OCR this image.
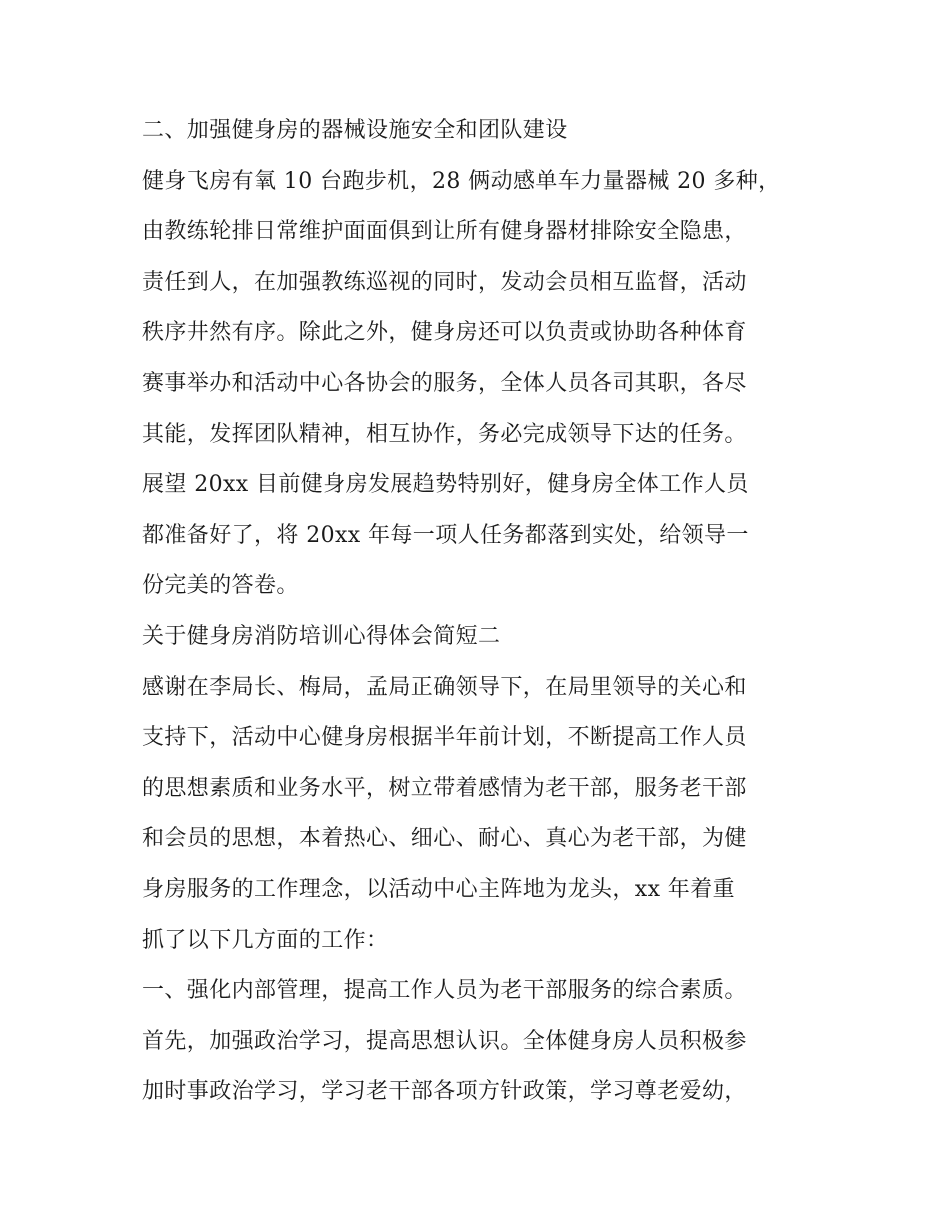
二、加强健身房的器械设施安全和团队建设
健身飞房有氧 10 台跑步机，28 俩动感单车力量器械 20 多种，
由教练轮排日常维护面面俱到让所有健身器材排除安全隐患，
责任到人，在加强教练巡视的同时，发动会员相互监督，活动
秩序井然有序。除此之外，健身房还可以负责或协助各种体育
赛事举办和活动中心各协会的服务，全体人员各司其职，各尽
其能，发挥团队精神，相互协作，务必完成领导下达的任务。
展望 20xx 目前健身房发展趋势特别好，健身房全体工作人员
都准备好了，将 20xx 年每一项人任务都落到实处，给领导一
份完美的答卷。
关于健身房消防培训心得体会简短二
感谢在李局长、梅局，孟局正确领导下，在局里领导的关心和
支持下，活动中心健身房根据半年前计划，不断提高工作人员
的思想素质和业务水平，树立带着感情为老干部，服务老干部
和会员的思想，本着热心、细心、耐心、真心为老干部，为健
身房服务的工作理念，以活动中心主阵地为龙头，xx 年着重
抓了以下几方面的工作：
一、强化内部管理，提高工作人员为老干部服务的综合素质。
首先，加强政治学习，提高思想认识。全体健身房人员积极参
加时事政治学习，学习老干部各项方针政策，学习尊老爱幼，
